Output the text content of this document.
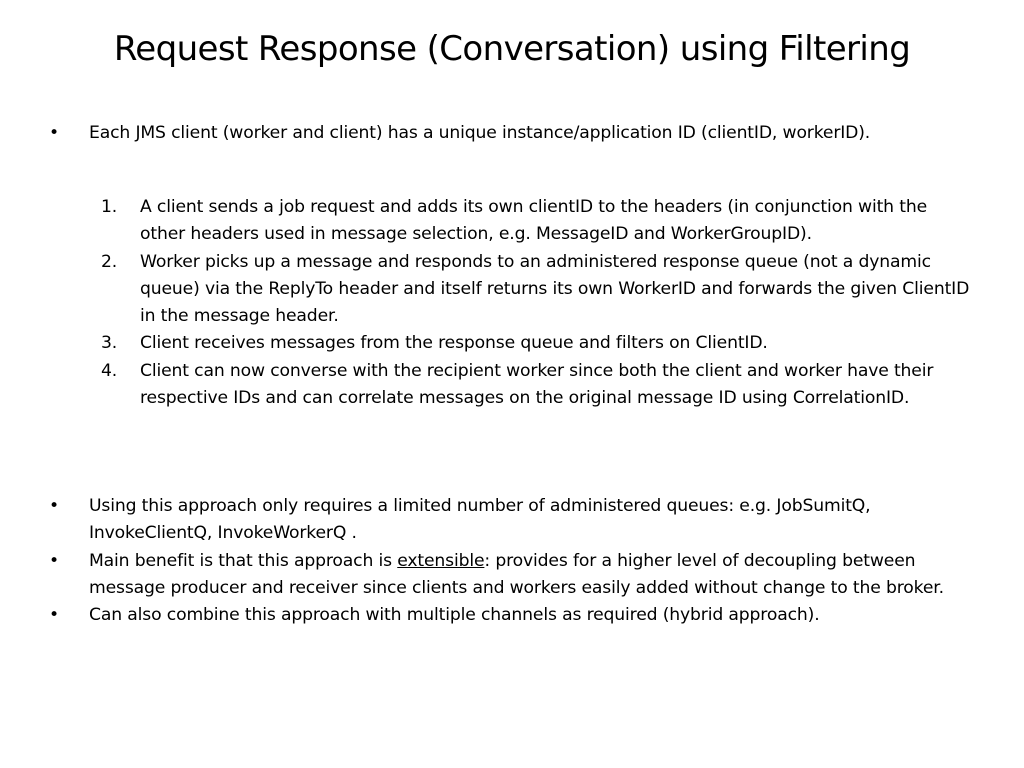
Request Response (Conversation) using Filtering
• Each JMS client (worker and client) has a unique instance/application ID (clientID, workerID).
1. A client sends a job request and adds its own clientID to the headers (in conjunction with the other headers used in message selection, e.g. MessageID and WorkerGroupID).
2. Worker picks up a message and responds to an administered response queue (not a dynamic queue) via the ReplyTo header and itself returns its own WorkerID and forwards the given ClientID in the message header.
3. Client receives messages from the response queue and filters on ClientID.
4. Client can now converse with the recipient worker since both the client and worker have their respective IDs and can correlate messages on the original message ID using CorrelationID.
• Using this approach only requires a limited number of administered queues: e.g. JobSumitQ, InvokeClientQ, InvokeWorkerQ .
• Main benefit is that this approach is extensible: provides for a higher level of decoupling between message producer and receiver since clients and workers easily added without change to the broker.
• Can also combine this approach with multiple channels as required (hybrid approach).
